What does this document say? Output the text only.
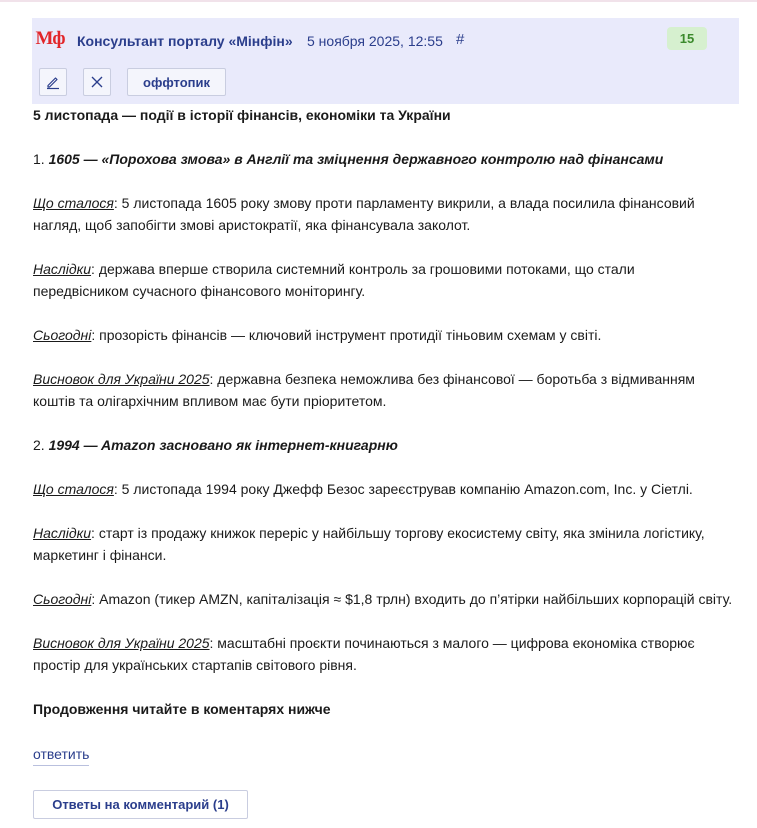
Мф Консультант порталу «Мінфін» 5 ноября 2025, 12:55 #	15
оффтопик

5 листопада — події в історії фінансів, економіки та України

1. 1605 — «Порохова змова» в Англії та зміцнення державного контролю над фінансами

Що сталося: 5 листопада 1605 року змову проти парламенту викрили, а влада посилила фінансовий нагляд, щоб запобігти змові аристократії, яка фінансувала заколот.

Наслідки: держава вперше створила системний контроль за грошовими потоками, що стали передвісником сучасного фінансового моніторингу.

Сьогодні: прозорість фінансів — ключовий інструмент протидії тіньовим схемам у світі.

Висновок для України 2025: державна безпека неможлива без фінансової — боротьба з відмиванням коштів та олігархічним впливом має бути пріоритетом.

2. 1994 — Amazon засновано як інтернет-книгарню

Що сталося: 5 листопада 1994 року Джефф Безос зареєстрував компанію Amazon.com, Inc. у Сіетлі.

Наслідки: старт із продажу книжок переріс у найбільшу торгову екосистему світу, яка змінила логістику, маркетинг і фінанси.

Сьогодні: Amazon (тикер AMZN, капіталізація ≈ $1,8 трлн) входить до п’ятірки найбільших корпорацій світу.

Висновок для України 2025: масштабні проєкти починаються з малого — цифрова економіка створює простір для українських стартапів світового рівня.

Продовження читайте в коментарях нижче

ответить
Ответы на комментарий (1)
